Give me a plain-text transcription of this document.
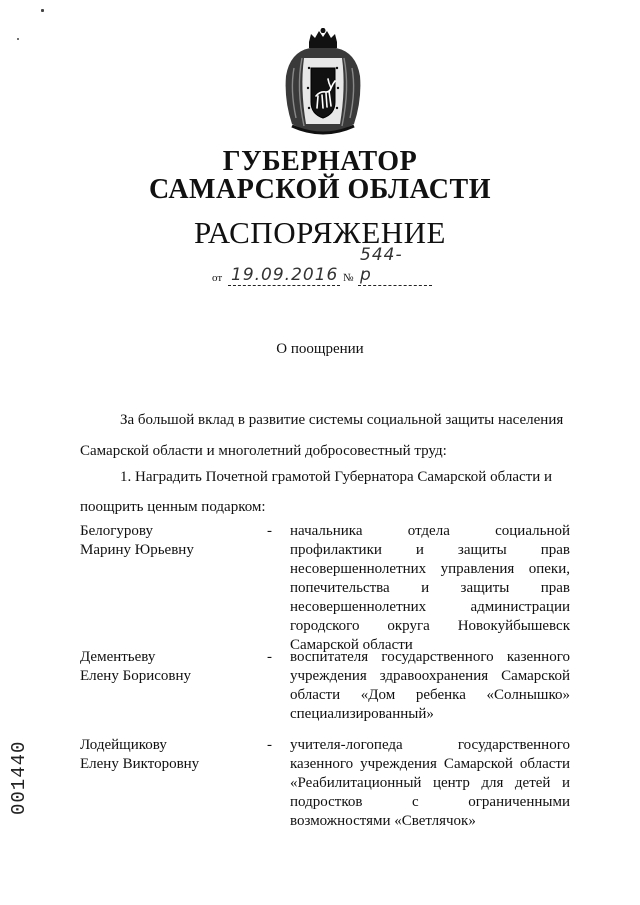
ГУБЕРНАТОР
САМАРСКОЙ ОБЛАСТИ
РАСПОРЯЖЕНИЕ
от 19.09.2016 №
544-р
О поощрении
За большой вклад в развитие системы социальной защиты населения
Самарской области и многолетний добросовестный труд:
1. Наградить Почетной грамотой Губернатора Самарской области и
поощрить ценным подарком:
Белогурову
Марину Юрьевну
-	начальника отдела социальной профилактики и защиты прав несовершеннолетних управления опеки, попечительства и защиты прав несовершеннолетних администрации городского округа Новокуйбышевск Самарской области
Дементьеву
Елену Борисовну
-	воспитателя государственного казенного учреждения здравоохранения Самарской области «Дом ребенка «Солнышко» специализированный»
Лодейщикову
Елену Викторовну
-	учителя-логопеда государственного казенного учреждения Самарской области «Реабилитационный центр для детей и подростков с ограниченными возможностями «Светлячок»
001440
